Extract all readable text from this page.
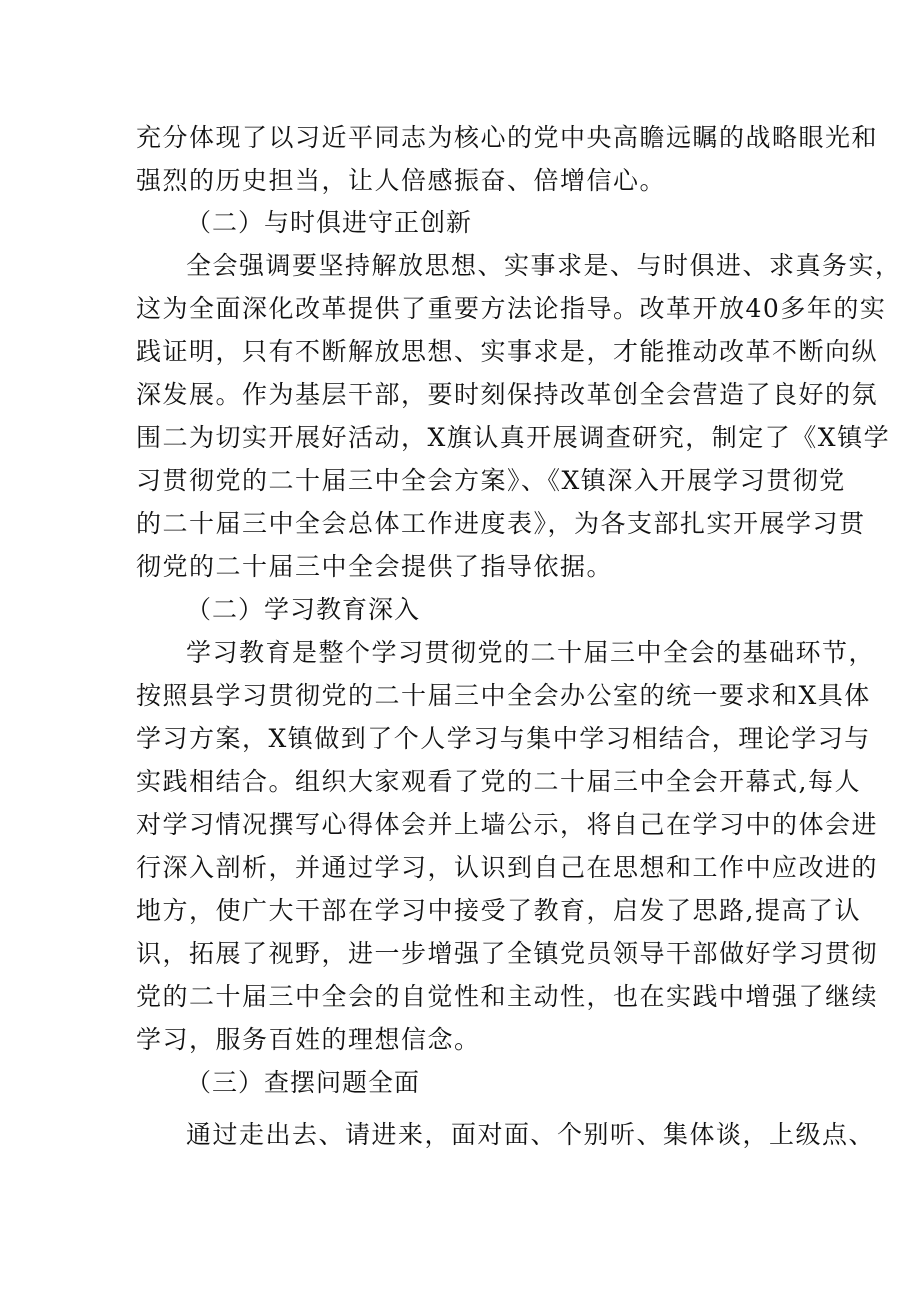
充分体现了以习近平同志为核心的党中央高瞻远瞩的战略眼光和
强烈的历史担当，让人倍感振奋、倍增信心。
（二）与时俱进守正创新
全会强调要坚持解放思想、实事求是、与时俱进、求真务实，
这为全面深化改革提供了重要方法论指导。改革开放40多年的实
践证明，只有不断解放思想、实事求是，才能推动改革不断向纵
深发展。作为基层干部，要时刻保持改革创全会营造了良好的氛
围二为切实开展好活动，X旗认真开展调查研究，制定了《X镇学
习贯彻党的二十届三中全会方案》、《X镇深入开展学习贯彻党
的二十届三中全会总体工作进度表》，为各支部扎实开展学习贯
彻党的二十届三中全会提供了指导依据。
（二）学习教育深入
学习教育是整个学习贯彻党的二十届三中全会的基础环节，
按照县学习贯彻党的二十届三中全会办公室的统一要求和X具体
学习方案，X镇做到了个人学习与集中学习相结合，理论学习与
实践相结合。组织大家观看了党的二十届三中全会开幕式,每人
对学习情况撰写心得体会并上墙公示，将自己在学习中的体会进
行深入剖析，并通过学习，认识到自己在思想和工作中应改进的
地方，使广大干部在学习中接受了教育，启发了思路,提高了认
识，拓展了视野，进一步增强了全镇党员领导干部做好学习贯彻
党的二十届三中全会的自觉性和主动性，也在实践中增强了继续
学习，服务百姓的理想信念。
（三）查摆问题全面
通过走出去、请进来，面对面、个别听、集体谈，上级点、
